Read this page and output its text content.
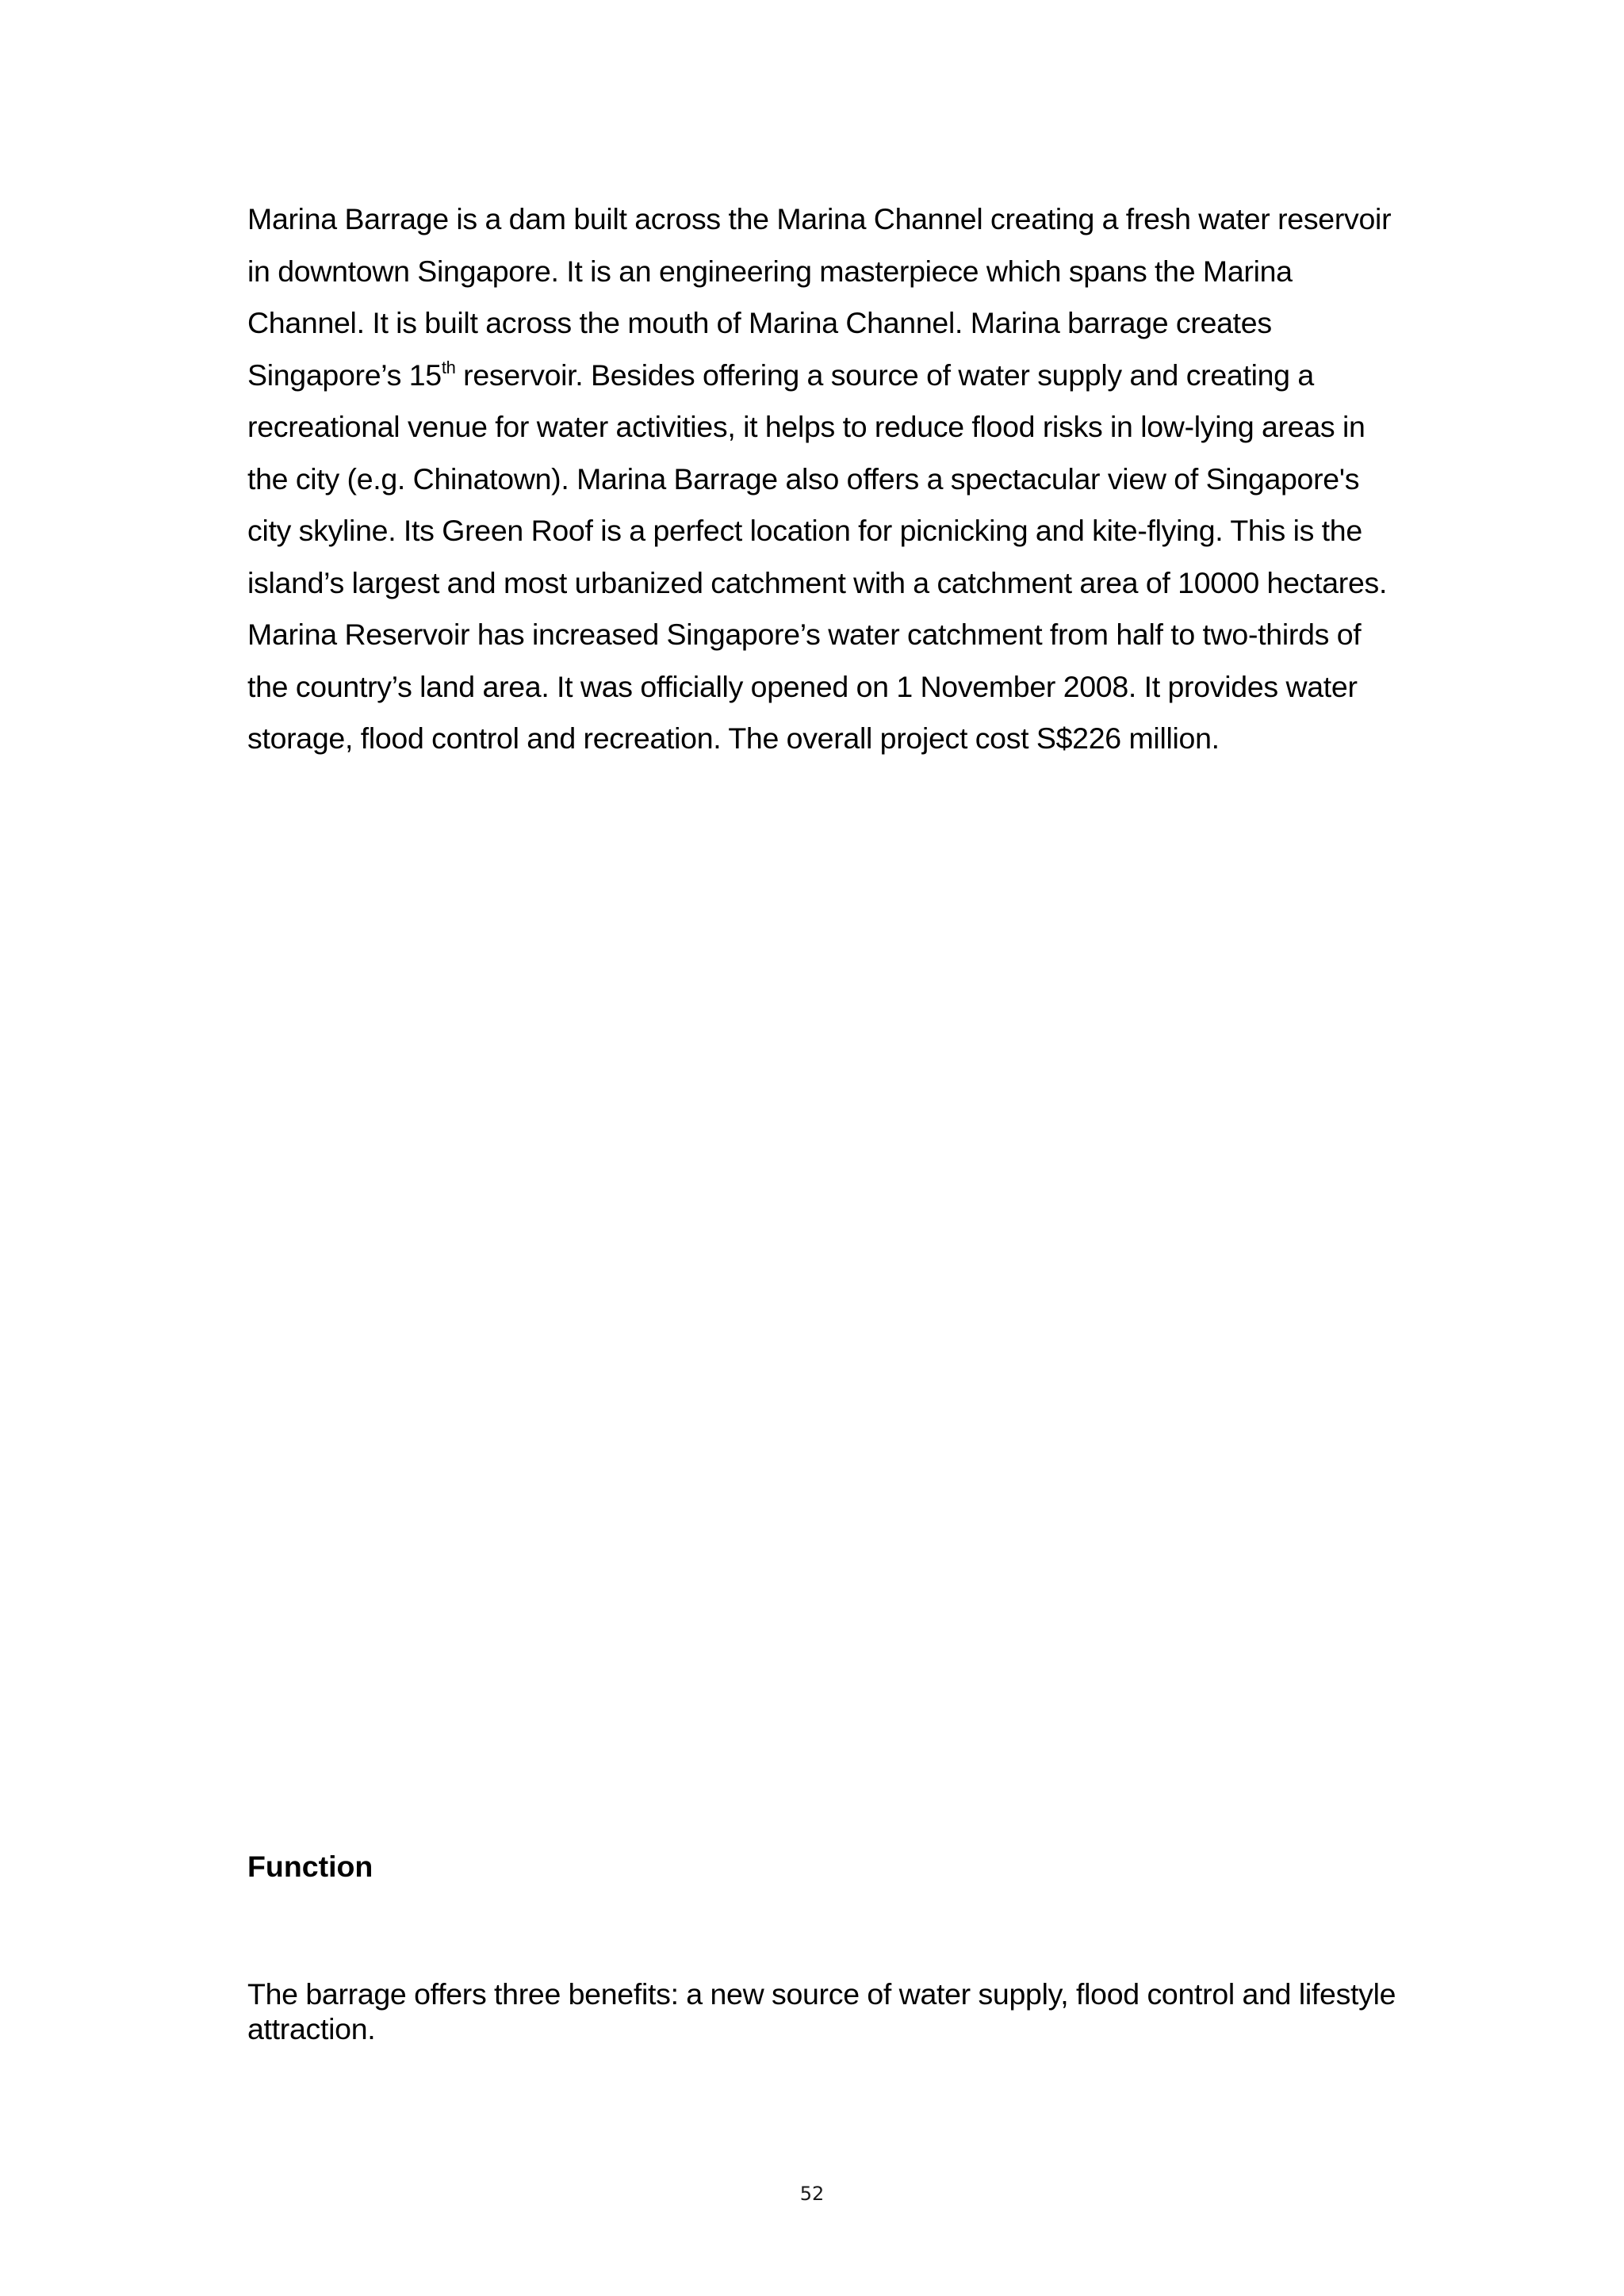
Marina Barrage is a dam built across the Marina Channel creating a fresh water reservoir in downtown Singapore. It is an engineering masterpiece which spans the Marina Channel. It is built across the mouth of Marina Channel. Marina barrage creates Singapore’s 15th reservoir. Besides offering a source of water supply and creating a recreational venue for water activities, it helps to reduce flood risks in low-lying areas in the city (e.g. Chinatown). Marina Barrage also offers a spectacular view of Singapore's city skyline. Its Green Roof is a perfect location for picnicking and kite-flying. This is the island’s largest and most urbanized catchment with a catchment area of 10000 hectares. Marina Reservoir has increased Singapore’s water catchment from half to two-thirds of the country’s land area. It was officially opened on 1 November 2008. It provides water storage, flood control and recreation. The overall project cost S$226 million.

Function

The barrage offers three benefits: a new source of water supply, flood control and lifestyle attraction.

52
